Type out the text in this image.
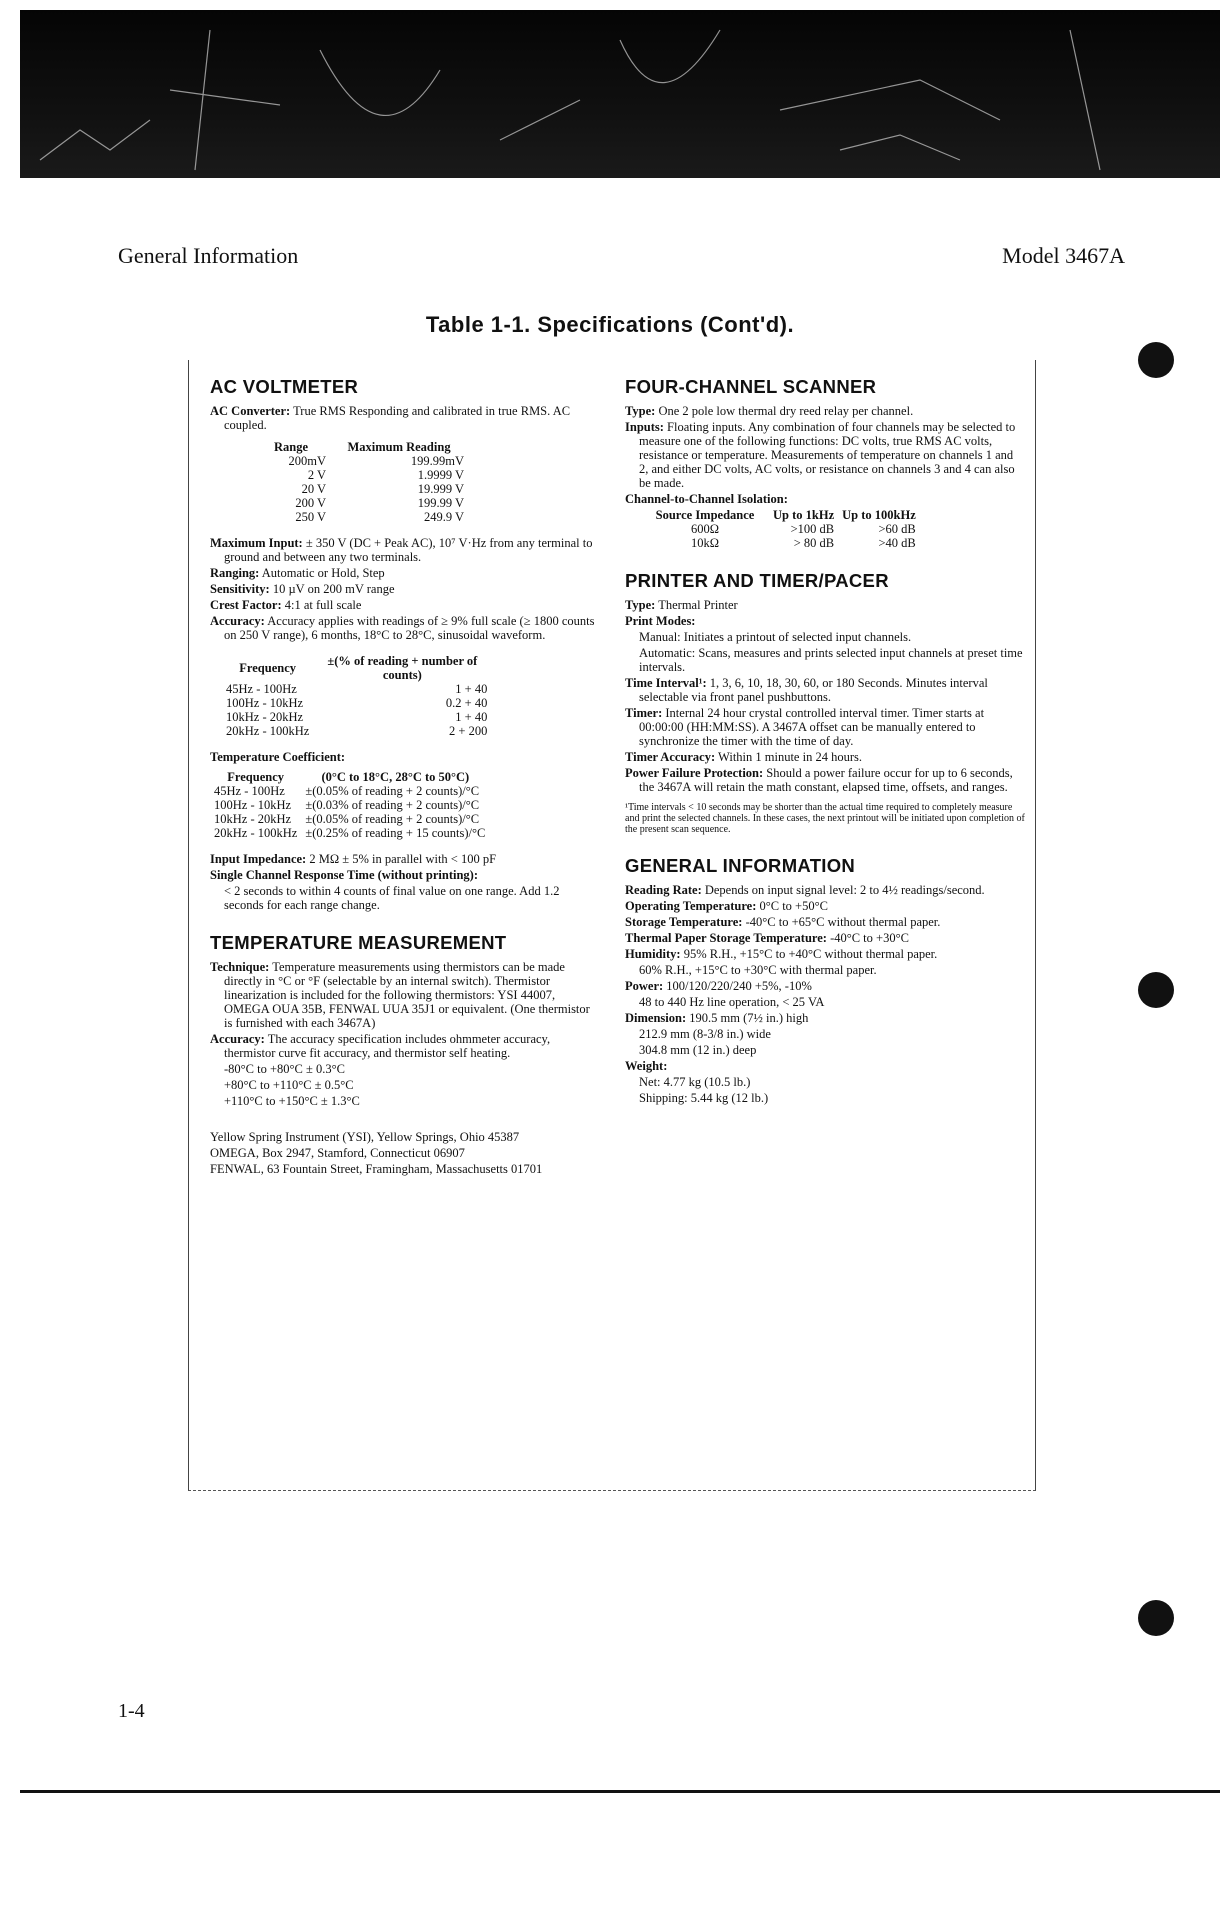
General Information	Model 3467A
Table 1-1. Specifications (Cont'd).
AC VOLTMETER

AC Converter: True RMS Responding and calibrated in true RMS. AC coupled.

Range	Maximum Reading
200mV	199.99mV
2 V	1.9999 V
20 V	19.999 V
200 V	199.99 V
250 V	249.9 V

Maximum Input: ± 350 V (DC + Peak AC), 10⁷ V·Hz from any terminal to ground and between any two terminals.

Ranging: Automatic or Hold, Step

Sensitivity: 10 µV on 200 mV range

Crest Factor: 4:1 at full scale

Accuracy: Accuracy applies with readings of ≥ 9% full scale (≥ 1800 counts on 250 V range), 6 months, 18°C to 28°C, sinusoidal waveform.

Frequency	±(% of reading + number of counts)
45Hz - 100Hz	1 + 40
100Hz - 10kHz	0.2 + 40
10kHz - 20kHz	1 + 40
20kHz - 100kHz	2 + 200
Temperature Coefficient:
Frequency	(0°C to 18°C, 28°C to 50°C)
45Hz - 100Hz	±(0.05% of reading + 2 counts)/°C
100Hz - 10kHz	±(0.03% of reading + 2 counts)/°C
10kHz - 20kHz	±(0.05% of reading + 2 counts)/°C
20kHz - 100kHz	±(0.25% of reading + 15 counts)/°C

Input Impedance: 2 MΩ ± 5% in parallel with < 100 pF

Single Channel Response Time (without printing):

< 2 seconds to within 4 counts of final value on one range. Add 1.2 seconds for each range change.

TEMPERATURE MEASUREMENT

Technique: Temperature measurements using thermistors can be made directly in °C or °F (selectable by an internal switch). Thermistor linearization is included for the following thermistors: YSI 44007, OMEGA OUA 35B, FENWAL UUA 35J1 or equivalent. (One thermistor is furnished with each 3467A)

Accuracy: The accuracy specification includes ohmmeter accuracy, thermistor curve fit accuracy, and thermistor self heating.

-80°C to +80°C ± 0.3°C

+80°C to +110°C ± 0.5°C

+110°C to +150°C ± 1.3°C

Yellow Spring Instrument (YSI), Yellow Springs, Ohio 45387

OMEGA, Box 2947, Stamford, Connecticut 06907

FENWAL, 63 Fountain Street, Framingham, Massachusetts 01701

FOUR-CHANNEL SCANNER

Type: One 2 pole low thermal dry reed relay per channel.

Inputs: Floating inputs. Any combination of four channels may be selected to measure one of the following functions: DC volts, true RMS AC volts, resistance or temperature. Measurements of temperature on channels 1 and 2, and either DC volts, AC volts, or resistance on channels 3 and 4 can also be made.

Channel-to-Channel Isolation:

Source Impedance	Up to 1kHz	Up to 100kHz
600Ω	>100 dB	>60 dB
10kΩ	> 80 dB	>40 dB
PRINTER AND TIMER/PACER

Type: Thermal Printer

Print Modes:

Manual: Initiates a printout of selected input channels.

Automatic: Scans, measures and prints selected input channels at preset time intervals.

Time Interval¹: 1, 3, 6, 10, 18, 30, 60, or 180 Seconds. Minutes interval selectable via front panel pushbuttons.

Timer: Internal 24 hour crystal controlled interval timer. Timer starts at 00:00:00 (HH:MM:SS). A 3467A offset can be manually entered to synchronize the timer with the time of day.

Timer Accuracy: Within 1 minute in 24 hours.

Power Failure Protection: Should a power failure occur for up to 6 seconds, the 3467A will retain the math constant, elapsed time, offsets, and ranges.

¹Time intervals < 10 seconds may be shorter than the actual time required to completely measure and print the selected channels. In these cases, the next printout will be initiated upon completion of the present scan sequence.

GENERAL INFORMATION

Reading Rate: Depends on input signal level: 2 to 4½ readings/second.

Operating Temperature: 0°C to +50°C

Storage Temperature: -40°C to +65°C without thermal paper.

Thermal Paper Storage Temperature: -40°C to +30°C

Humidity: 95% R.H., +15°C to +40°C without thermal paper.

60% R.H., +15°C to +30°C with thermal paper.

Power: 100/120/220/240 +5%, -10%

48 to 440 Hz line operation, < 25 VA

Dimension: 190.5 mm (7½ in.) high

212.9 mm (8-3/8 in.) wide

304.8 mm (12 in.) deep

Weight:

Net: 4.77 kg (10.5 lb.)

Shipping: 5.44 kg (12 lb.)

1-4
